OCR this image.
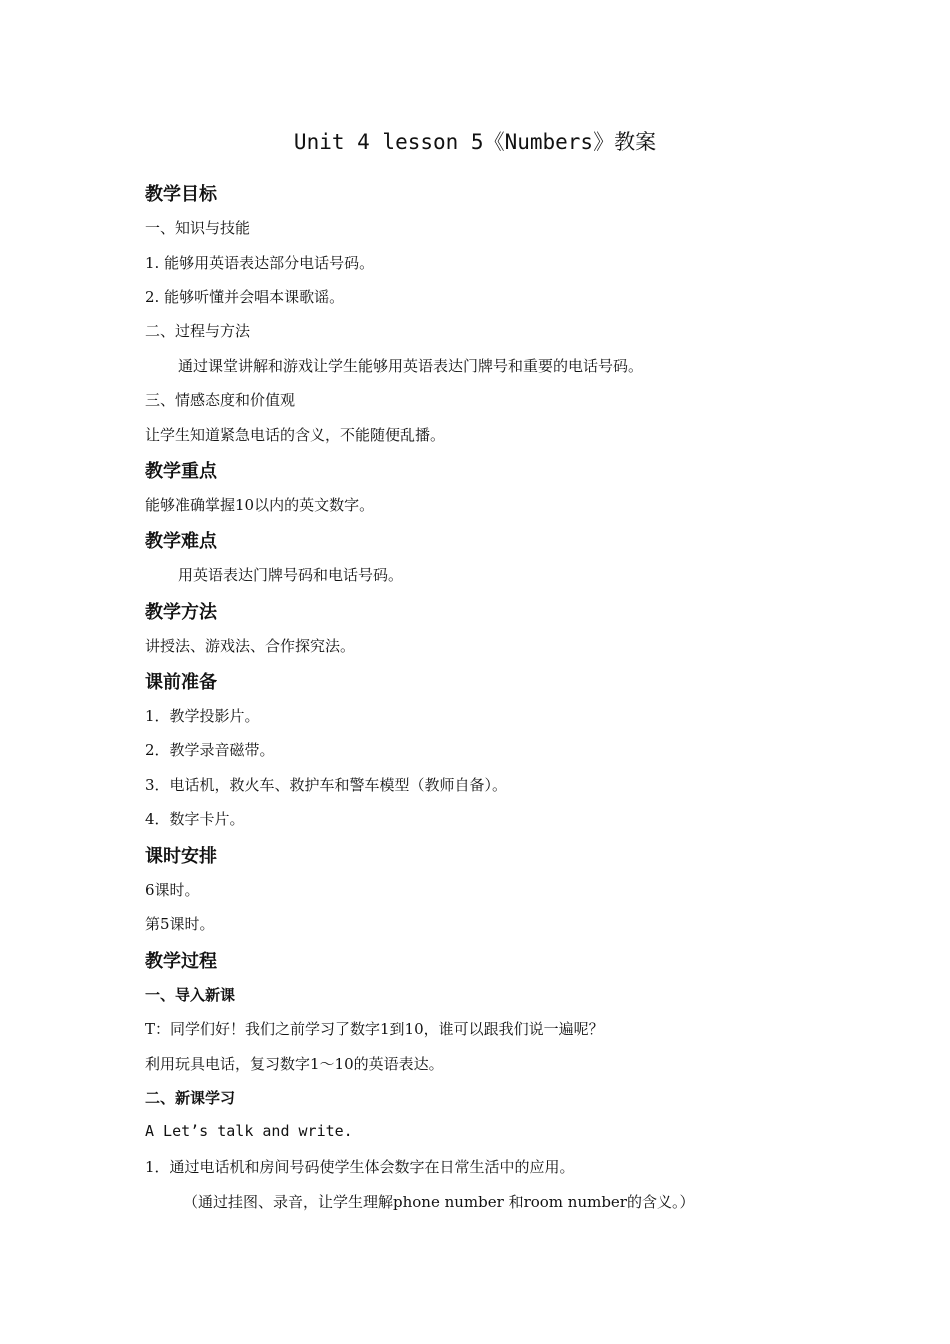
Unit 4 lesson 5《Numbers》教案
教学目标
一、知识与技能
1. 能够用英语表达部分电话号码。
2. 能够听懂并会唱本课歌谣。
二、过程与方法
通过课堂讲解和游戏让学生能够用英语表达门牌号和重要的电话号码。
三、情感态度和价值观
让学生知道紧急电话的含义，不能随便乱播。
教学重点
能够准确掌握10以内的英文数字。
教学难点
用英语表达门牌号码和电话号码。
教学方法
讲授法、游戏法、合作探究法。
课前准备
1．教学投影片。
2．教学录音磁带。
3．电话机，救火车、救护车和警车模型（教师自备）。
4．数字卡片。
课时安排
6课时。
第5课时。
教学过程
一、导入新课
T：同学们好！我们之前学习了数字1到10，谁可以跟我们说一遍呢？
利用玩具电话，复习数字1～10的英语表达。
二、新课学习
A Let’s talk and write.
1．通过电话机和房间号码使学生体会数字在日常生活中的应用。
（通过挂图、录音，让学生理解phone number 和room number的含义。）
